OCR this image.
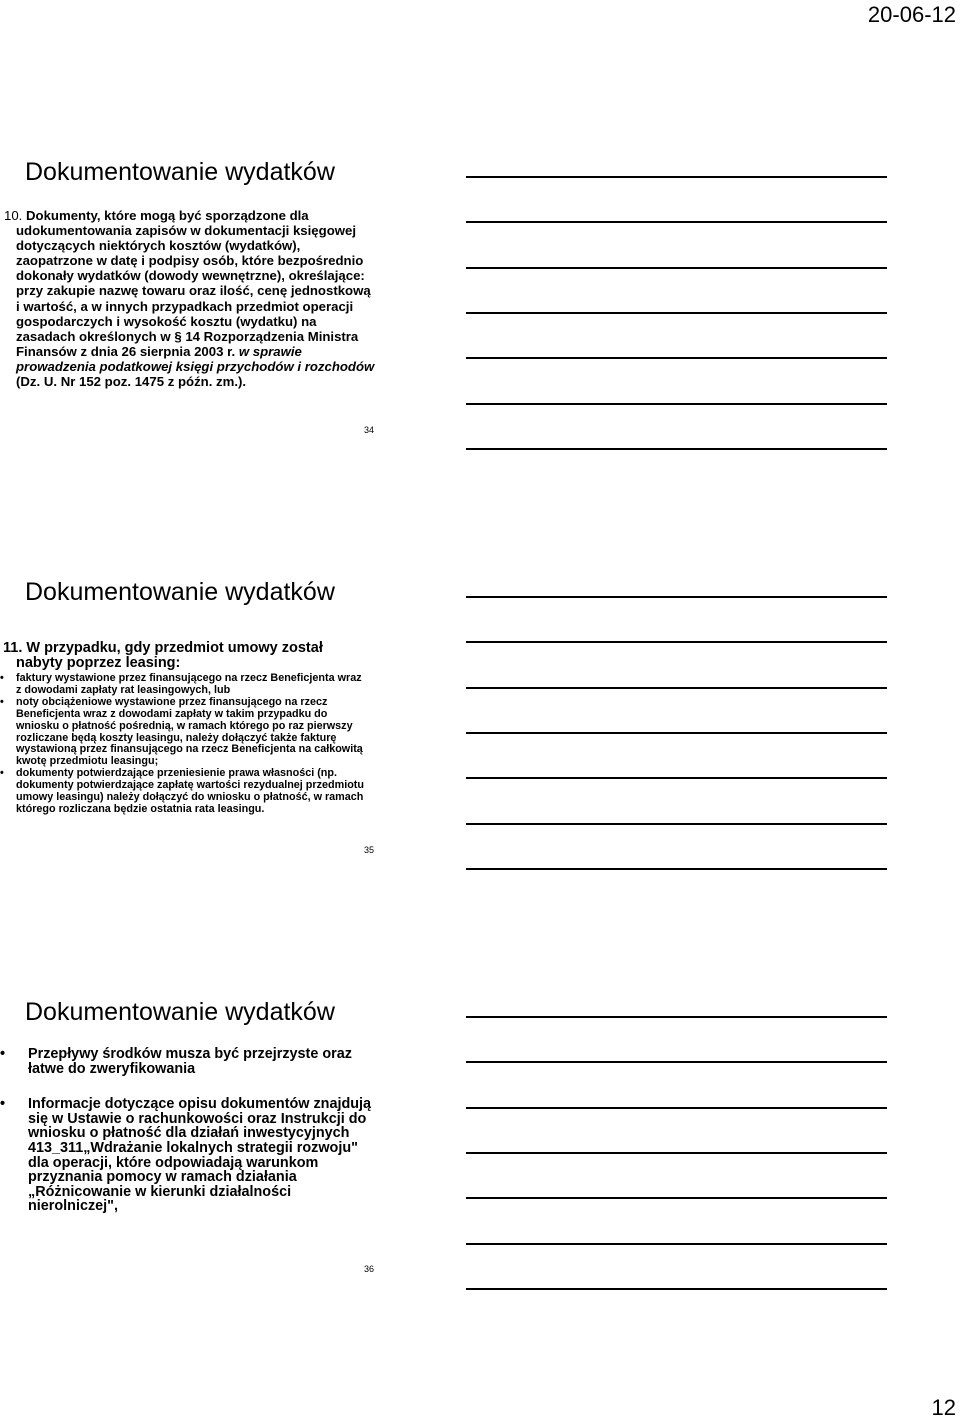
20-06-12
Dokumentowanie wydatków

10. Dokumenty, które mogą być sporządzone dla udokumentowania zapisów w dokumentacji księgowej dotyczących niektórych kosztów (wydatków), zaopatrzone w datę i podpisy osób, które bezpośrednio dokonały wydatków (dowody wewnętrzne), określające: przy zakupie nazwę towaru oraz ilość, cenę jednostkową i wartość, a w innych przypadkach przedmiot operacji gospodarczych i wysokość kosztu (wydatku) na zasadach określonych w § 14 Rozporządzenia Ministra Finansów z dnia 26 sierpnia 2003 r. w sprawie prowadzenia podatkowej księgi przychodów i rozchodów (Dz. U. Nr 152 poz. 1475 z późn. zm.).

34
Dokumentowanie wydatków

11. W przypadku, gdy przedmiot umowy został nabyty poprzez leasing:

• faktury wystawione przez finansującego na rzecz Beneficjenta wraz z dowodami zapłaty rat leasingowych, lub
• noty obciążeniowe wystawione przez finansującego na rzecz Beneficjenta wraz z dowodami zapłaty w takim przypadku do wniosku o płatność pośrednią, w ramach którego po raz pierwszy rozliczane będą koszty leasingu, należy dołączyć także fakturę wystawioną przez finansującego na rzecz Beneficjenta na całkowitą kwotę przedmiotu leasingu;
• dokumenty potwierdzające przeniesienie prawa własności (np. dokumenty potwierdzające zapłatę wartości rezydualnej przedmiotu umowy leasingu) należy dołączyć do wniosku o płatność, w ramach którego rozliczana będzie ostatnia rata leasingu.
35
Dokumentowanie wydatków
• Przepływy środków musza być przejrzyste oraz łatwe do zweryfikowania
• Informacje dotyczące opisu dokumentów znajdują się w Ustawie o rachunkowości oraz Instrukcji do wniosku o płatność dla działań inwestycyjnych 413_311„Wdrażanie lokalnych strategii rozwoju" dla operacji, które odpowiadają warunkom przyznania pomocy w ramach działania „Różnicowanie w kierunki działalności nierolniczej",
36
12
